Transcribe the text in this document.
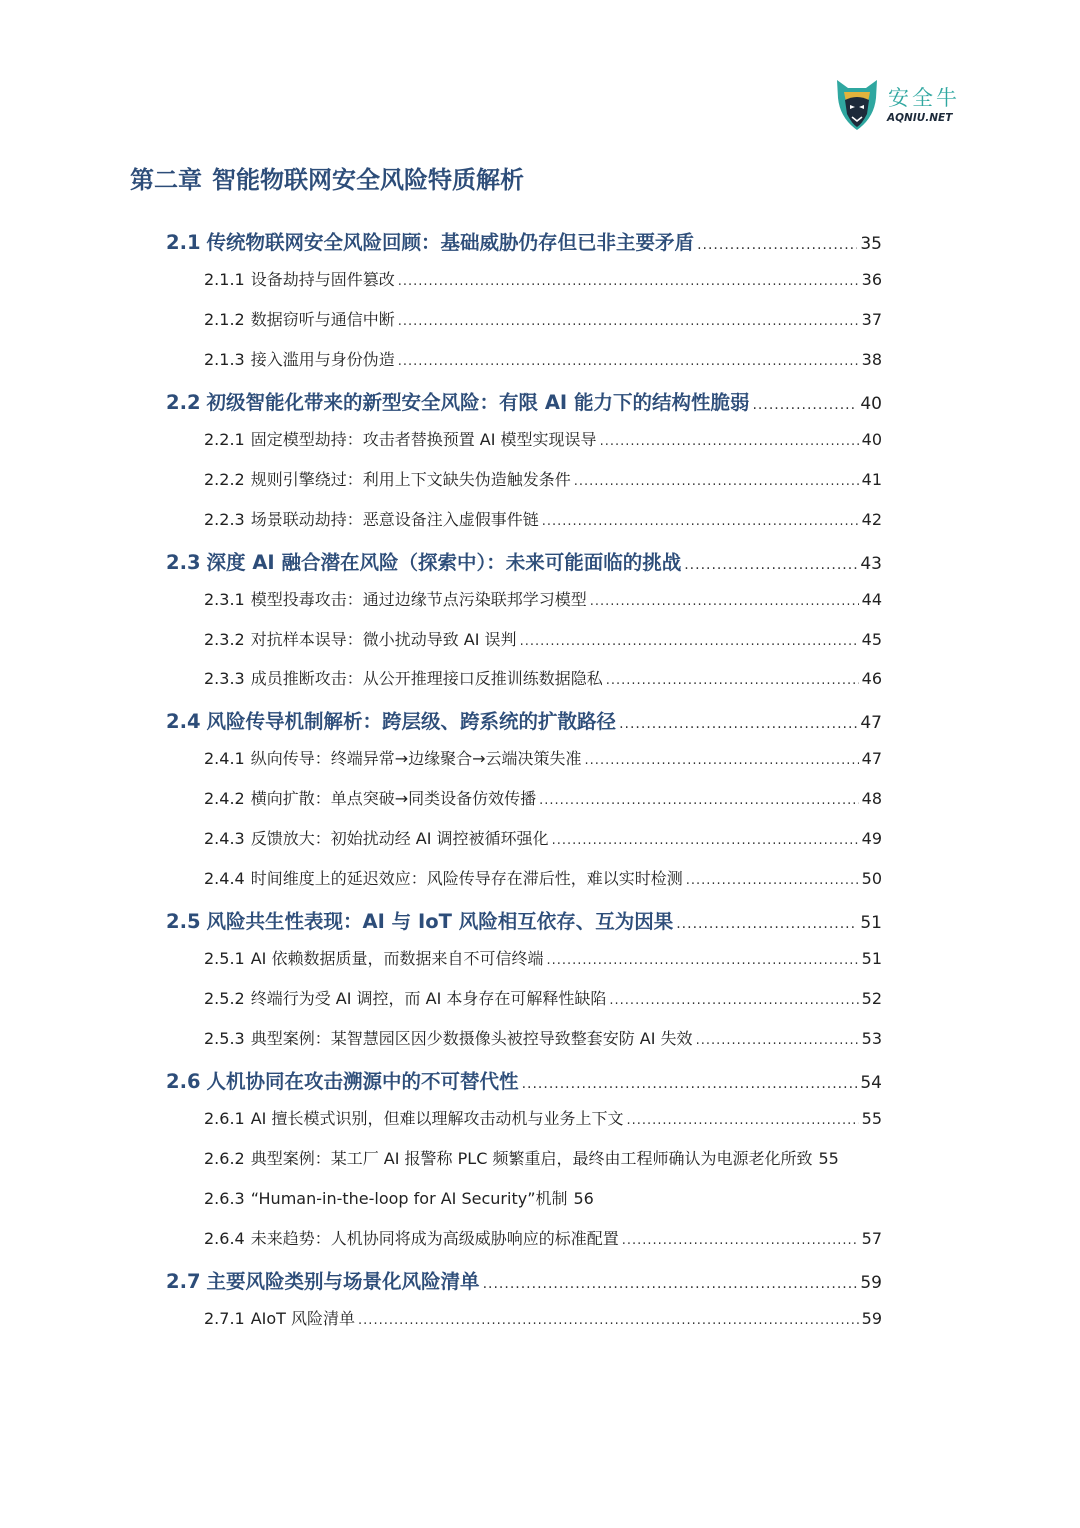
安全牛
AQNIU.NET
第二章 智能物联网安全风险特质解析
2.1 传统物联网安全风险回顾：基础威胁仍存但已非主要矛盾 .....	35
2.1.1 设备劫持与固件篡改 .....	36
2.1.2 数据窃听与通信中断 .....	37
2.1.3 接入滥用与身份伪造 .....	38
2.2 初级智能化带来的新型安全风险：有限 AI 能力下的结构性脆弱 .....	40
2.2.1 固定模型劫持：攻击者替换预置 AI 模型实现误导 .....	40
2.2.2 规则引擎绕过：利用上下文缺失伪造触发条件 .....	41
2.2.3 场景联动劫持：恶意设备注入虚假事件链 .....	42
2.3 深度 AI 融合潜在风险（探索中）：未来可能面临的挑战 .....	43
2.3.1 模型投毒攻击：通过边缘节点污染联邦学习模型 .....	44
2.3.2 对抗样本误导：微小扰动导致 AI 误判 .....	45
2.3.3 成员推断攻击：从公开推理接口反推训练数据隐私 .....	46
2.4 风险传导机制解析：跨层级、跨系统的扩散路径 .....	47
2.4.1 纵向传导：终端异常→边缘聚合→云端决策失准 .....	47
2.4.2 横向扩散：单点突破→同类设备仿效传播 .....	48
2.4.3 反馈放大：初始扰动经 AI 调控被循环强化 .....	49
2.4.4 时间维度上的延迟效应：风险传导存在滞后性，难以实时检测 .....	50
2.5 风险共生性表现：AI 与 IoT 风险相互依存、互为因果 .....	51
2.5.1 AI 依赖数据质量，而数据来自不可信终端 .....	51
2.5.2 终端行为受 AI 调控，而 AI 本身存在可解释性缺陷 .....	52
2.5.3 典型案例：某智慧园区因少数摄像头被控导致整套安防 AI 失效 .....	53
2.6 人机协同在攻击溯源中的不可替代性 .....	54
2.6.1 AI 擅长模式识别，但难以理解攻击动机与业务上下文 .....	55
2.6.2 典型案例：某工厂 AI 报警称 PLC 频繁重启，最终由工程师确认为电源老化所致 55
2.6.3 “Human-in-the-loop for AI Security”机制 56
2.6.4 未来趋势：人机协同将成为高级威胁响应的标准配置 .....	57
2.7 主要风险类别与场景化风险清单 .....	59
2.7.1 AIoT 风险清单 .....	59
